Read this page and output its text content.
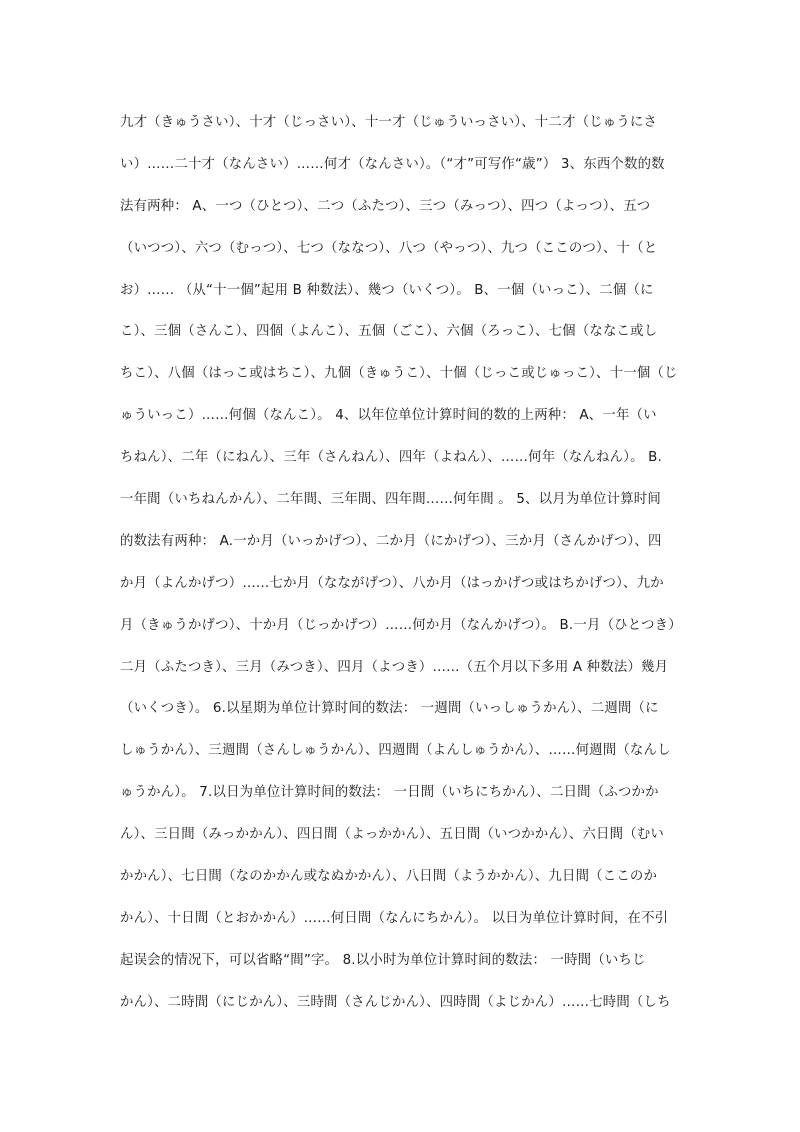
九才（きゅうさい）、十才（じっさい）、十一才（じゅういっさい）、十二才（じゅうにさ
い）……二十才（なんさい）……何才（なんさい）。（“才”可写作“歳”） 3、东西个数的数
法有两种： A、一つ（ひとつ）、二つ（ふたつ）、三つ（みっつ）、四つ（よっつ）、五つ
（いつつ）、六つ（むっつ）、七つ（ななつ）、八つ（やっつ）、九つ（ここのつ）、十（と
お）…… （从“十一個”起用 B 种数法）、幾つ（いくつ）。 B、一個（いっこ）、二個（に
こ）、三個（さんこ）、四個（よんこ）、五個（ごこ）、六個（ろっこ）、七個（ななこ或し
ちこ）、八個（はっこ或はちこ）、九個（きゅうこ）、十個（じっこ或じゅっこ）、十一個（じ
ゅういっこ）……何個（なんこ）。 4、以年位单位计算时间的数的上两种： A、一年（い
ちねん）、二年（にねん）、三年（さんねん）、四年（よねん）、……何年（なんねん）。 B.
一年間（いちねんかん）、二年間、三年間、四年間……何年間 。 5、以月为单位计算时间
的数法有两种： A.一か月（いっかげつ）、二か月（にかげつ）、三か月（さんかげつ）、四
か月（よんかげつ）……七か月（なながげつ）、八か月（はっかげつ或はちかげつ）、九か
月（きゅうかげつ）、十か月（じっかげつ）……何か月（なんかげつ）。 B.一月（ひとつき）
二月（ふたつき）、三月（みつき）、四月（よつき）……（五个月以下多用 A 种数法）幾月
（いくつき）。 6.以星期为单位计算时间的数法： 一週間（いっしゅうかん）、二週間（に
しゅうかん）、三週間（さんしゅうかん）、四週間（よんしゅうかん）、……何週間（なんし
ゅうかん）。 7.以日为单位计算时间的数法： 一日間（いちにちかん）、二日間（ふつかか
ん）、三日間（みっかかん）、四日間（よっかかん）、五日間（いつかかん）、六日間（むい
かかん）、七日間（なのかかん或なぬかかん）、八日間（ようかかん）、九日間（ここのか
かん）、十日間（とおかかん）……何日間（なんにちかん）。 以日为单位计算时间，在不引
起误会的情况下，可以省略“間”字。 8.以小时为单位计算时间的数法： 一時間（いちじ
かん）、二時間（にじかん）、三時間（さんじかん）、四時間（よじかん）……七時間（しち
